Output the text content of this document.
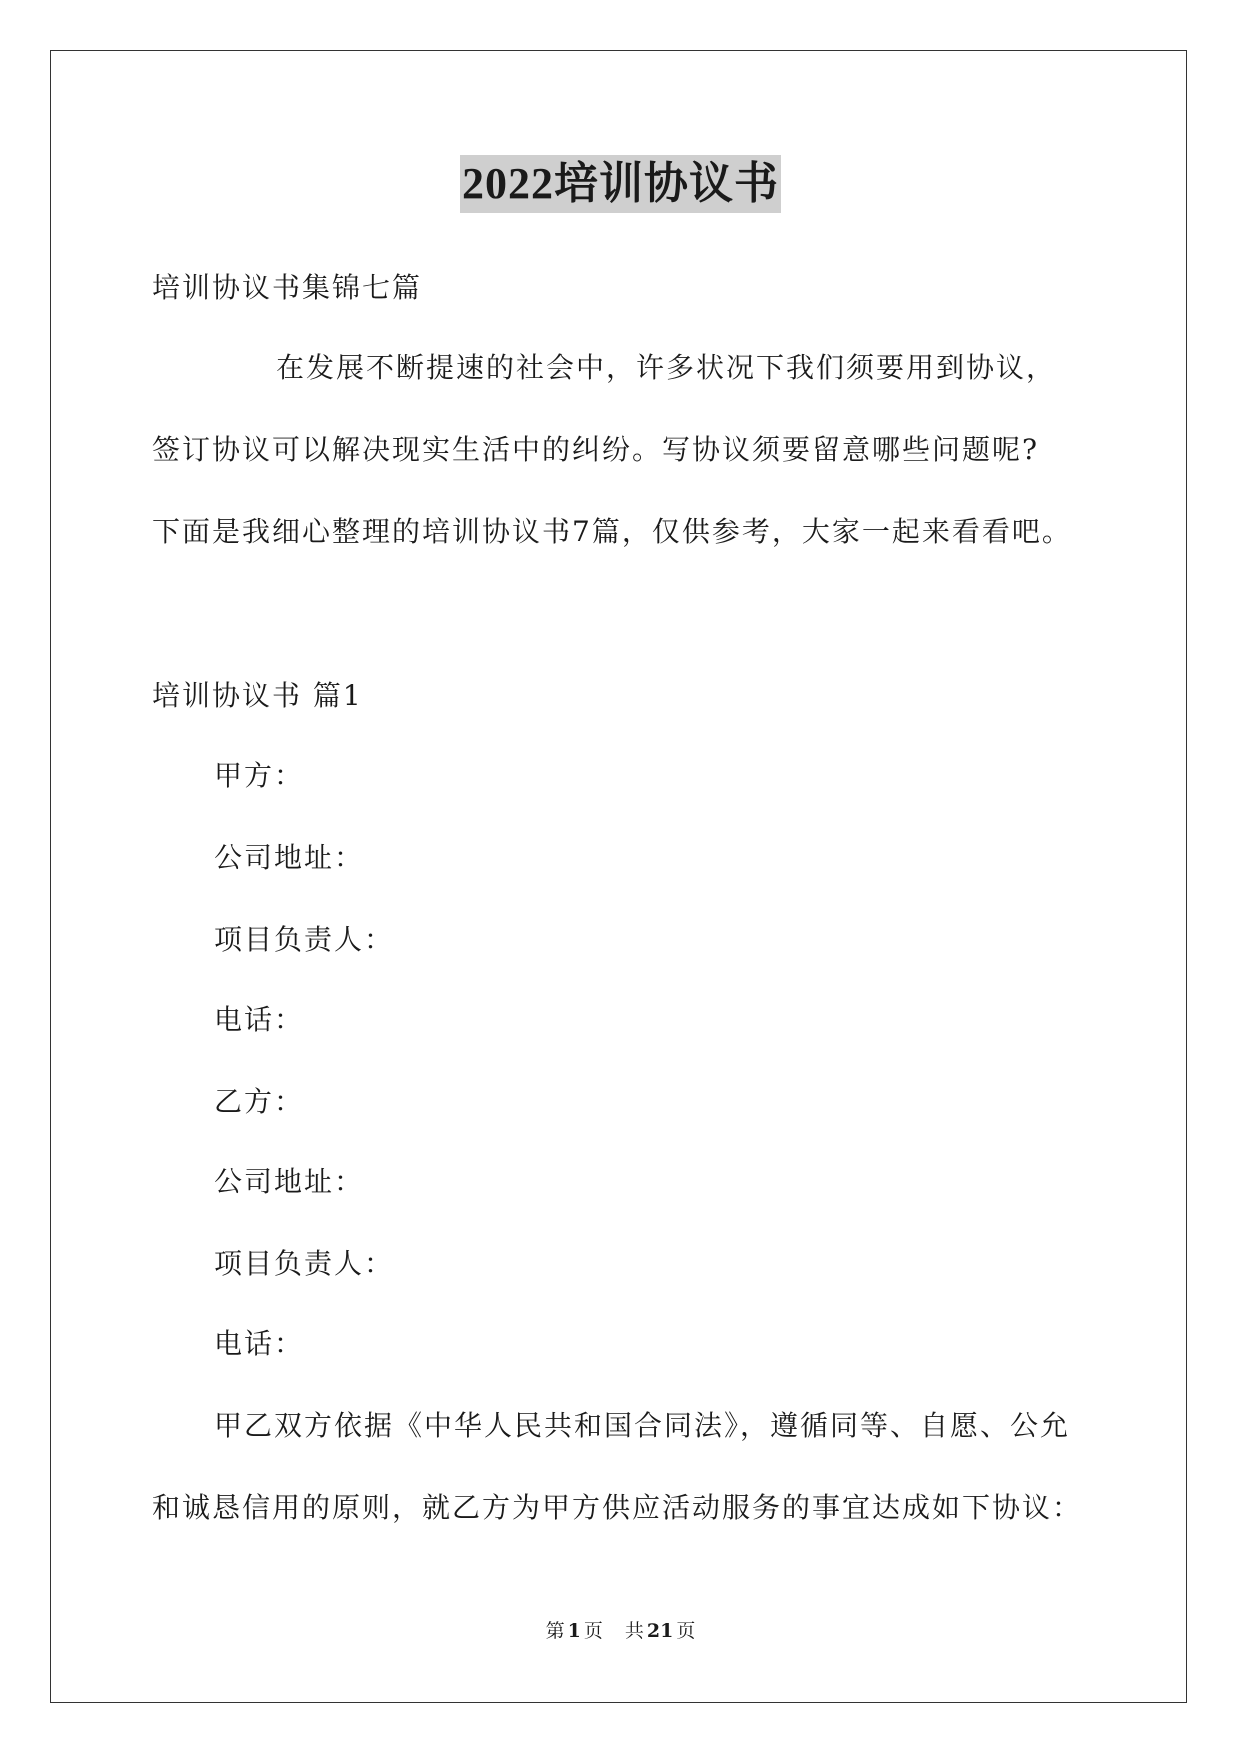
2022培训协议书
培训协议书集锦七篇
在发展不断提速的社会中，许多状况下我们须要用到协议，
签订协议可以解决现实生活中的纠纷。写协议须要留意哪些问题呢?
下面是我细心整理的培训协议书7篇，仅供参考，大家一起来看看吧。
培训协议书 篇1
甲方：
公司地址：
项目负责人：
电话：
乙方：
公司地址：
项目负责人：
电话：
甲乙双方依据《中华人民共和国合同法》，遵循同等、自愿、公允
和诚恳信用的原则，就乙方为甲方供应活动服务的事宜达成如下协议：
第 1 页 共 21 页
